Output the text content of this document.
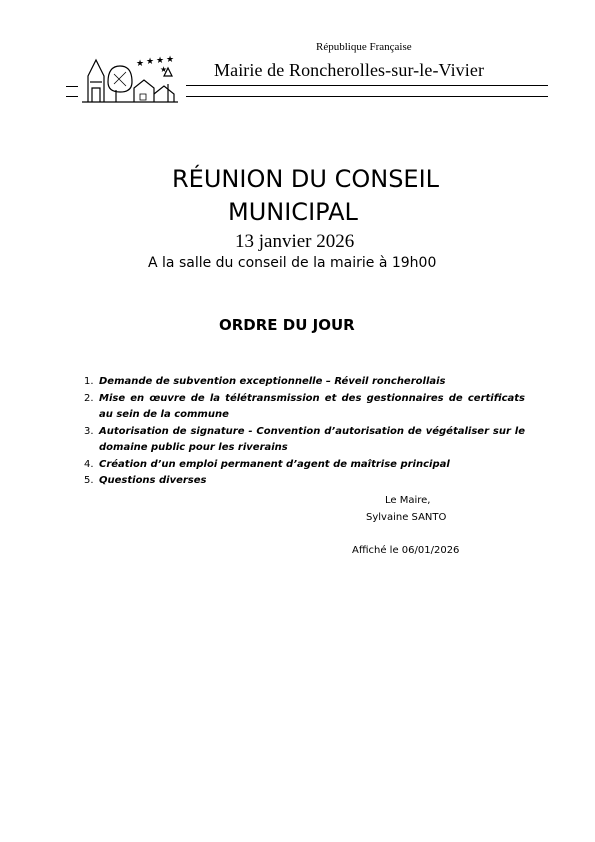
République Française
★ ★ ★ ★
★	Mairie de Roncherolles-sur-le-Vivier
RÉUNION DU CONSEIL
MUNICIPAL
13 janvier 2026
A la salle du conseil de la mairie à 19h00
ORDRE DU JOUR
1. Demande de subvention exceptionnelle – Réveil roncherollais
2. Mise en œuvre de la télétransmission et des gestionnaires de certificats au sein de la commune
3. Autorisation de signature - Convention d’autorisation de végétaliser sur le domaine public pour les riverains
4. Création d’un emploi permanent d’agent de maîtrise principal
5. Questions diverses
Le Maire,
Sylvaine SANTO
Affiché le 06/01/2026
